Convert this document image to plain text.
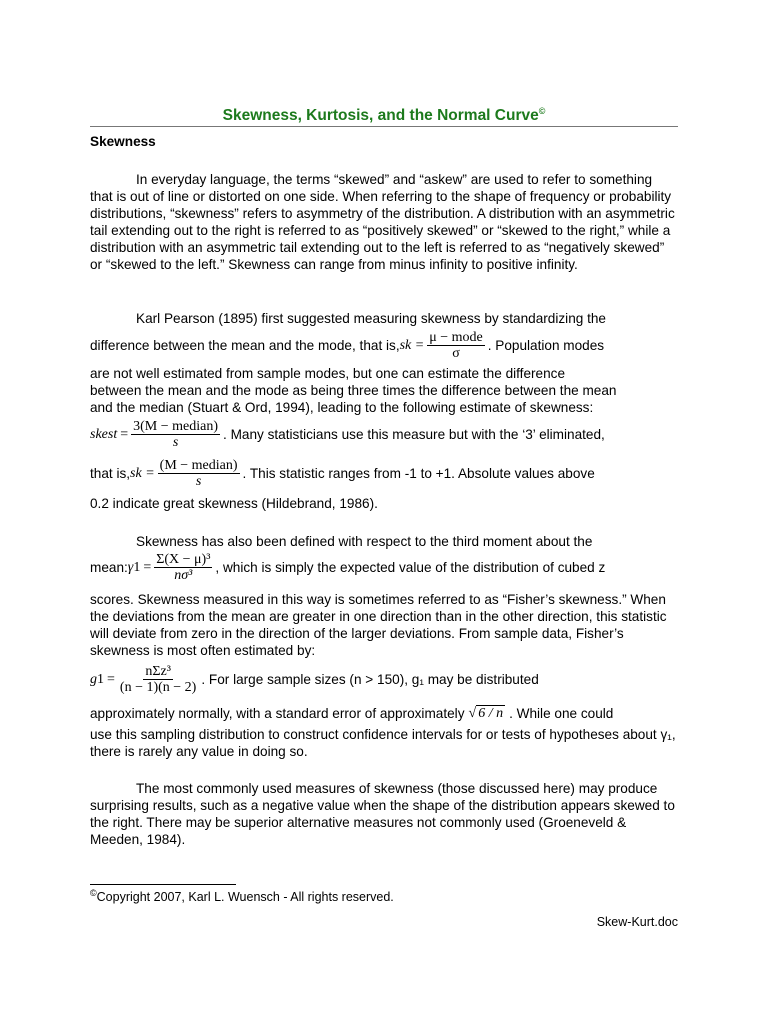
Skewness, Kurtosis, and the Normal Curve©
Skewness
In everyday language, the terms “skewed” and “askew” are used to refer to something that is out of line or distorted on one side. When referring to the shape of frequency or probability distributions, “skewness” refers to asymmetry of the distribution. A distribution with an asymmetric tail extending out to the right is referred to as “positively skewed” or “skewed to the right,” while a distribution with an asymmetric tail extending out to the left is referred to as “negatively skewed” or “skewed to the left.” Skewness can range from minus infinity to positive infinity.
Karl Pearson (1895) first suggested measuring skewness by standardizing the
difference between the mean and the mode, that is, sk = $\frac{\text{μ − mode}}{\sigma}$ . Population modes
are not well estimated from sample modes, but one can estimate the difference
between the mean and the mode as being three times the difference between the mean
and the median (Stuart & Ord, 1994), leading to the following estimate of skewness:
sk est = $\frac{\text{3(M − median)}}{s}$ . Many statisticians use this measure but with the ‘3’ eliminated,
that is, sk = $\frac{\text{(M − median)}}{s}$ . This statistic ranges from -1 to +1. Absolute values above
0.2 indicate great skewness (Hildebrand, 1986).
Skewness has also been defined with respect to the third moment about the
mean: γ $1 = \frac{\text{Σ(X − μ)³}}{\text{nσ³}}$ , which is simply the expected value of the distribution of cubed z
scores. Skewness measured in this way is sometimes referred to as “Fisher’s skewness.” When the deviations from the mean are greater in one direction than in the other direction, this statistic will deviate from zero in the direction of the larger deviations. From sample data, Fisher’s skewness is most often estimated by:
g $1 = \frac{\text{nΣz³}}{(n - 1)(n - 2)}$ . For large sample sizes (n > 150), g₁ may be distributed
approximately normally, with a standard error of approximately √ 6 / n . While one could
use this sampling distribution to construct confidence intervals for or tests of hypotheses about γ₁, there is rarely any value in doing so.
The most commonly used measures of skewness (those discussed here) may produce surprising results, such as a negative value when the shape of the distribution appears skewed to the right. There may be superior alternative measures not commonly used (Groeneveld & Meeden, 1984).
©Copyright 2007, Karl L. Wuensch - All rights reserved.
Skew-Kurt.doc
